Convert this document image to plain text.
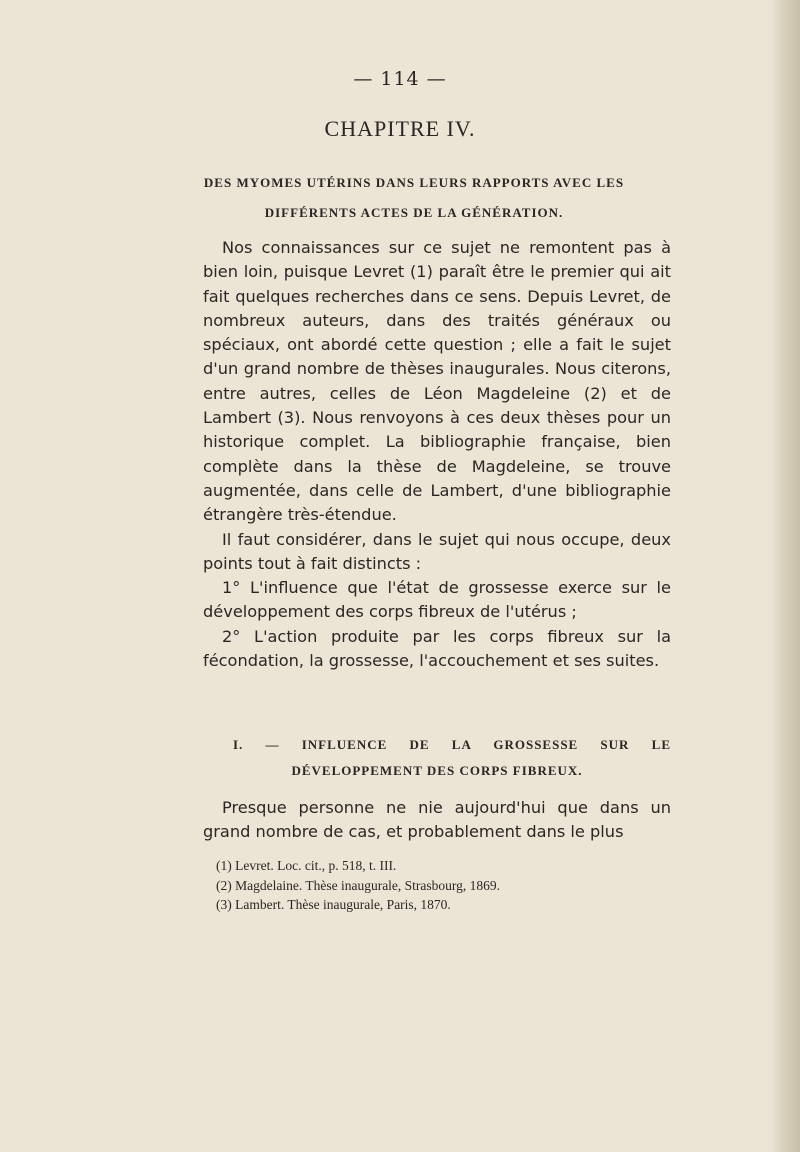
— 114 —
CHAPITRE IV.
DES MYOMES UTÉRINS DANS LEURS RAPPORTS AVEC LES
DIFFÉRENTS ACTES DE LA GÉNÉRATION.

Nos connaissances sur ce sujet ne remontent pas à bien loin, puisque Levret (1) paraît être le premier qui ait fait quelques recherches dans ce sens. Depuis Levret, de nombreux auteurs, dans des traités généraux ou spéciaux, ont abordé cette question ; elle a fait le sujet d'un grand nombre de thèses inaugurales. Nous citerons, entre autres, celles de Léon Magdeleine (2) et de Lambert (3). Nous renvoyons à ces deux thèses pour un historique complet. La bibliographie française, bien complète dans la thèse de Magdeleine, se trouve augmentée, dans celle de Lambert, d'une bibliographie étrangère très-étendue.

Il faut considérer, dans le sujet qui nous occupe, deux points tout à fait distincts :

1° L'influence que l'état de grossesse exerce sur le développement des corps fibreux de l'utérus ;

2° L'action produite par les corps fibreux sur la fécondation, la grossesse, l'accouchement et ses suites.

I. — INFLUENCE DE LA GROSSESSE SUR LE
DÉVELOPPEMENT DES CORPS FIBREUX.

Presque personne ne nie aujourd'hui que dans un grand nombre de cas, et probablement dans le plus

(1) Levret. Loc. cit., p. 518, t. III.
(2) Magdelaine. Thèse inaugurale, Strasbourg, 1869.
(3) Lambert. Thèse inaugurale, Paris, 1870.
